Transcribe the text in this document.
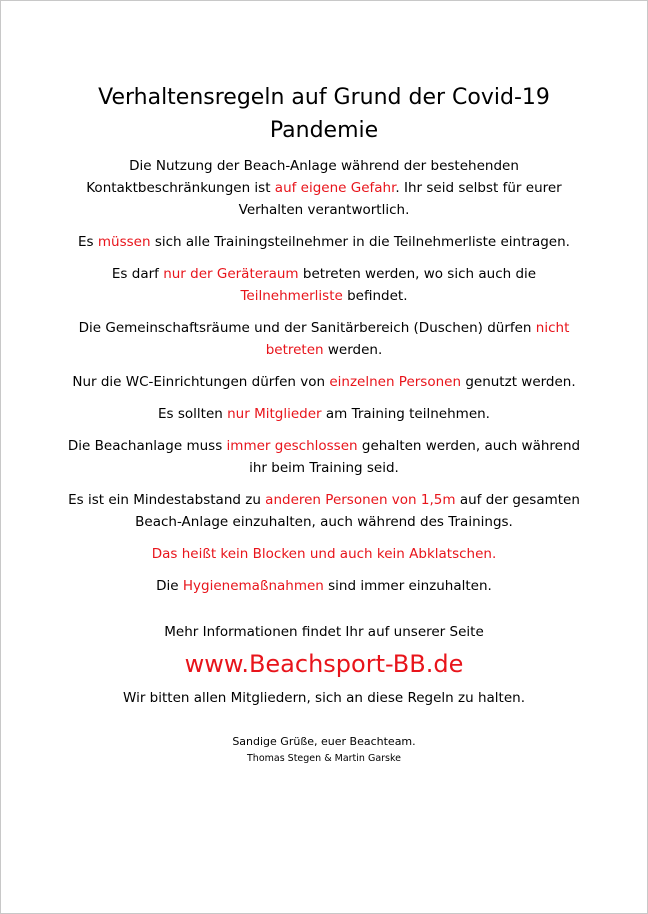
Verhaltensregeln auf Grund der Covid-19
Pandemie

Die Nutzung der Beach-Anlage während der bestehenden Kontaktbeschränkungen ist auf eigene Gefahr. Ihr seid selbst für eurer Verhalten verantwortlich.

Es müssen sich alle Trainingsteilnehmer in die Teilnehmerliste eintragen.

Es darf nur der Geräteraum betreten werden, wo sich auch die Teilnehmerliste befindet.

Die Gemeinschaftsräume und der Sanitärbereich (Duschen) dürfen nicht betreten werden.

Nur die WC-Einrichtungen dürfen von einzelnen Personen genutzt werden.

Es sollten nur Mitglieder am Training teilnehmen.

Die Beachanlage muss immer geschlossen gehalten werden, auch während ihr beim Training seid.

Es ist ein Mindestabstand zu anderen Personen von 1,5m auf der gesamten Beach-Anlage einzuhalten, auch während des Trainings.

Das heißt kein Blocken und auch kein Abklatschen.

Die Hygienemaßnahmen sind immer einzuhalten.

Mehr Informationen findet Ihr auf unserer Seite

www.Beachsport-BB.de

Wir bitten allen Mitgliedern, sich an diese Regeln zu halten.

Sandige Grüße, euer Beachteam.

Thomas Stegen & Martin Garske
